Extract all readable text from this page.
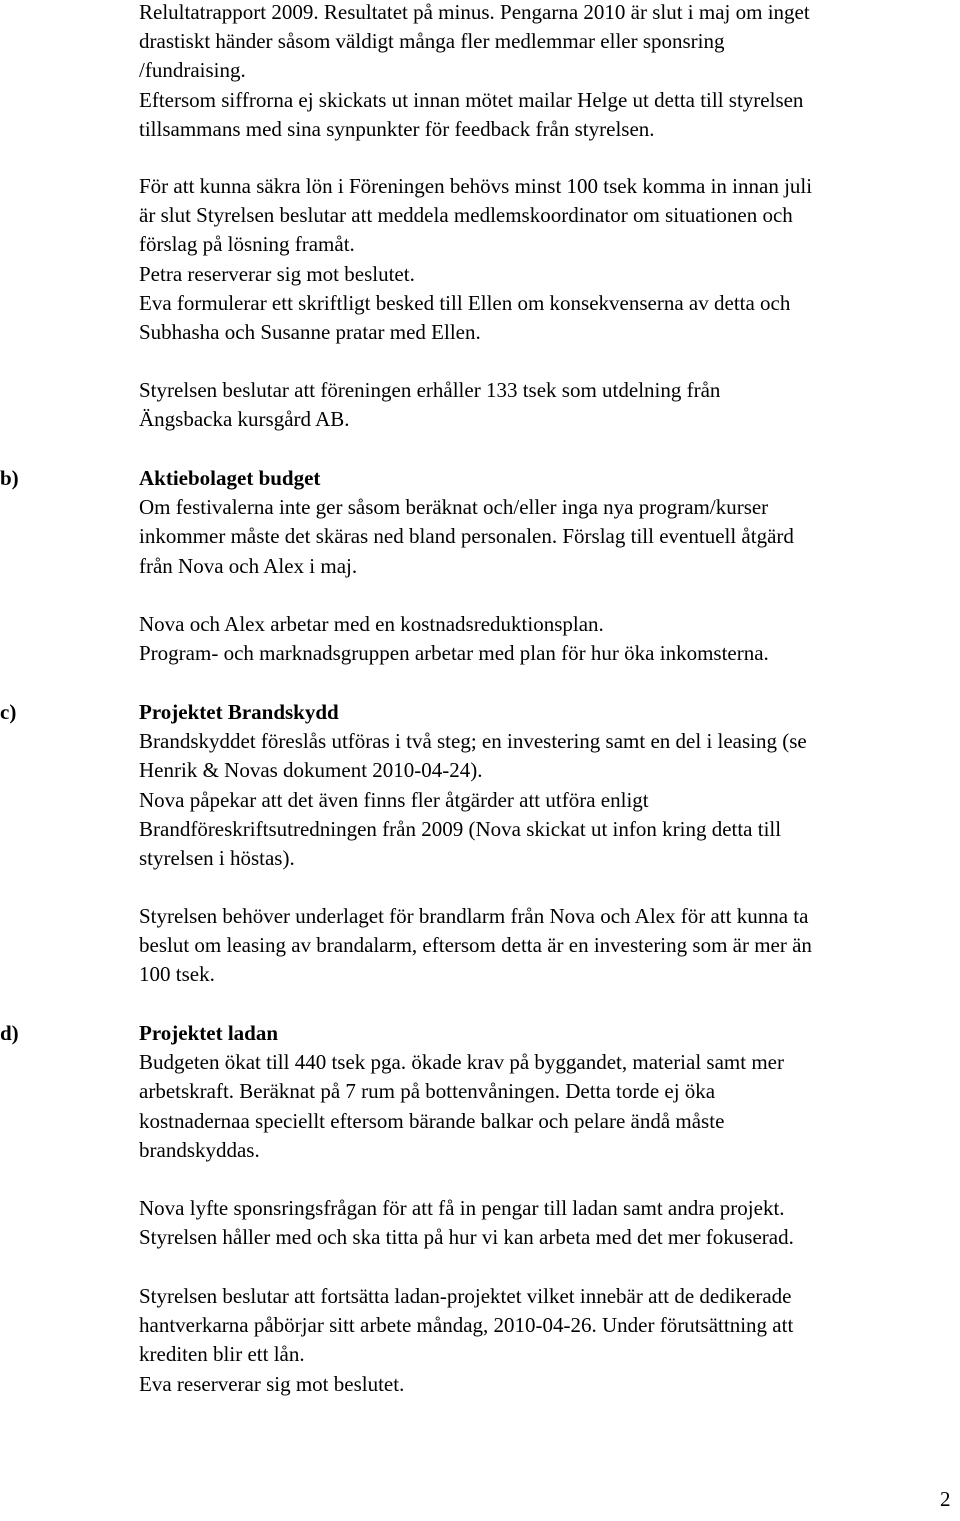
Relultatrapport 2009. Resultatet på minus. Pengarna 2010 är slut i maj om inget
drastiskt händer såsom väldigt många fler medlemmar eller sponsring
/fundraising.
Eftersom siffrorna ej skickats ut innan mötet mailar Helge ut detta till styrelsen
tillsammans med sina synpunkter för feedback från styrelsen.
För att kunna säkra lön i Föreningen behövs minst 100 tsek komma in innan juli
är slut Styrelsen beslutar att meddela medlemskoordinator om situationen och
förslag på lösning framåt.
Petra reserverar sig mot beslutet.
Eva formulerar ett skriftligt besked till Ellen om konsekvenserna av detta och
Subhasha och Susanne pratar med Ellen.
Styrelsen beslutar att föreningen erhåller 133 tsek som utdelning från
Ängsbacka kursgård AB.
b)	Aktiebolaget budget
Om festivalerna inte ger såsom beräknat och/eller inga nya program/kurser
inkommer måste det skäras ned bland personalen. Förslag till eventuell åtgärd
från Nova och Alex i maj.
Nova och Alex arbetar med en kostnadsreduktionsplan.
Program- och marknadsgruppen arbetar med plan för hur öka inkomsterna.
c)	Projektet Brandskydd
Brandskyddet föreslås utföras i två steg; en investering samt en del i leasing (se
Henrik & Novas dokument 2010-04-24).
Nova påpekar att det även finns fler åtgärder att utföra enligt
Brandföreskriftsutredningen från 2009 (Nova skickat ut infon kring detta till
styrelsen i höstas).
Styrelsen behöver underlaget för brandlarm från Nova och Alex för att kunna ta
beslut om leasing av brandalarm, eftersom detta är en investering som är mer än
100 tsek.
d)	Projektet ladan
Budgeten ökat till 440 tsek pga. ökade krav på byggandet, material samt mer
arbetskraft. Beräknat på 7 rum på bottenvåningen. Detta torde ej öka
kostnadernaa speciellt eftersom bärande balkar och pelare ändå måste
brandskyddas.
Nova lyfte sponsringsfrågan för att få in pengar till ladan samt andra projekt.
Styrelsen håller med och ska titta på hur vi kan arbeta med det mer fokuserad.
Styrelsen beslutar att fortsätta ladan-projektet vilket innebär att de dedikerade
hantverkarna påbörjar sitt arbete måndag, 2010-04-26. Under förutsättning att
krediten blir ett lån.
Eva reserverar sig mot beslutet.
2
